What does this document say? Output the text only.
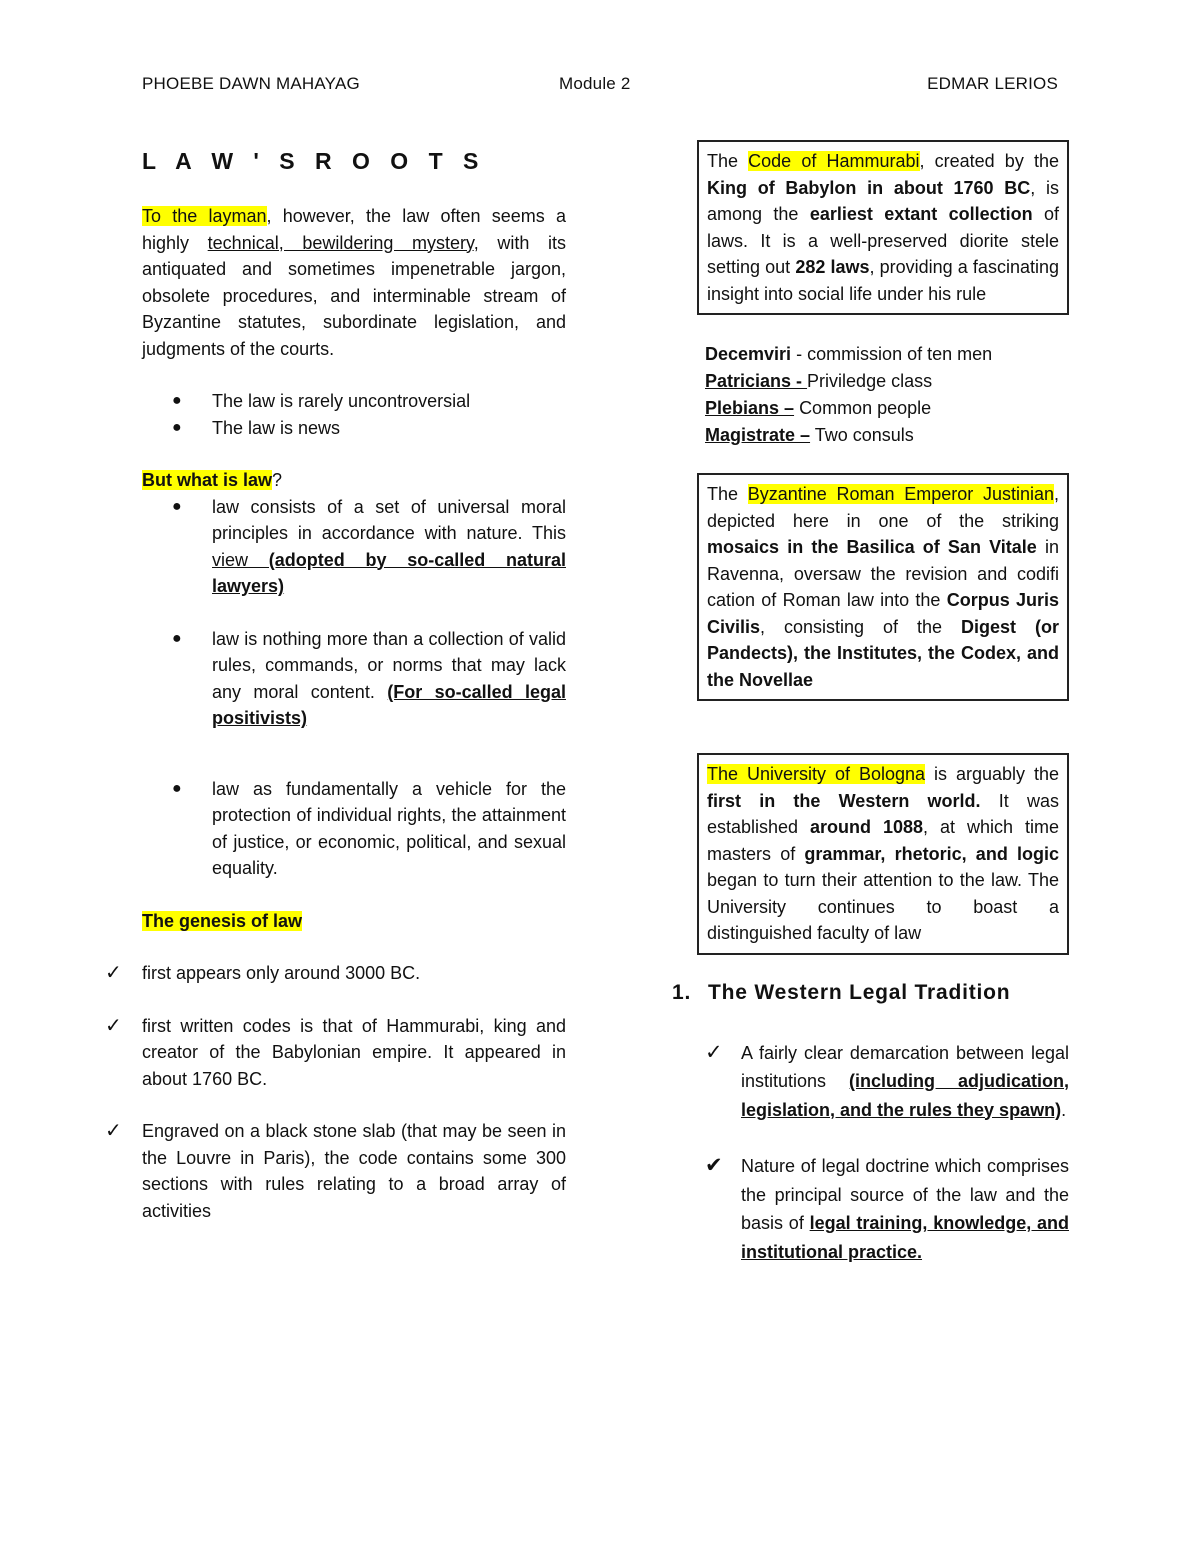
PHOEBE DAWN MAHAYAG	Module 2	EDMAR LERIOS
L A W ' S R O O T S

To the layman, however, the law often seems a highly technical, bewildering mystery, with its antiquated and sometimes impenetrable jargon, obsolete procedures, and interminable stream of Byzantine statutes, subordinate legislation, and judgments of the courts.

● The law is rarely uncontroversial
● The law is news

But what is law?

● law consists of a set of universal moral principles in accordance with nature. This view (adopted by so-called natural lawyers)
● law is nothing more than a collection of valid rules, commands, or norms that may lack any moral content. (For so-called legal positivists)
● law as fundamentally a vehicle for the protection of individual rights, the attainment of justice, or economic, political, and sexual equality.

The genesis of law

✓ first appears only around 3000 BC.
✓ first written codes is that of Hammurabi, king and creator of the Babylonian empire. It appeared in about 1760 BC.
✓ Engraved on a black stone slab (that may be seen in the Louvre in Paris), the code contains some 300 sections with rules relating to a broad array of activities
The Code of Hammurabi, created by the King of Babylon in about 1760 BC, is among the earliest extant collection of laws. It is a well-preserved diorite stele setting out 282 laws, providing a fascinating insight into social life under his rule
Decemviri - commission of ten men
Patricians - Priviledge class
Plebians – Common people
Magistrate – Two consuls
The Byzantine Roman Emperor Justinian, depicted here in one of the striking mosaics in the Basilica of San Vitale in Ravenna, oversaw the revision and codifi cation of Roman law into the Corpus Juris Civilis, consisting of the Digest (or Pandects), the Institutes, the Codex, and the Novellae
The University of Bologna is arguably the first in the Western world. It was established around 1088, at which time masters of grammar, rhetoric, and logic began to turn their attention to the law. The University continues to boast a distinguished faculty of law
1. The Western Legal Tradition
✓ A fairly clear demarcation between legal institutions (including adjudication, legislation, and the rules they spawn).
✔ Nature of legal doctrine which comprises the principal source of the law and the basis of legal training, knowledge, and institutional practice.
